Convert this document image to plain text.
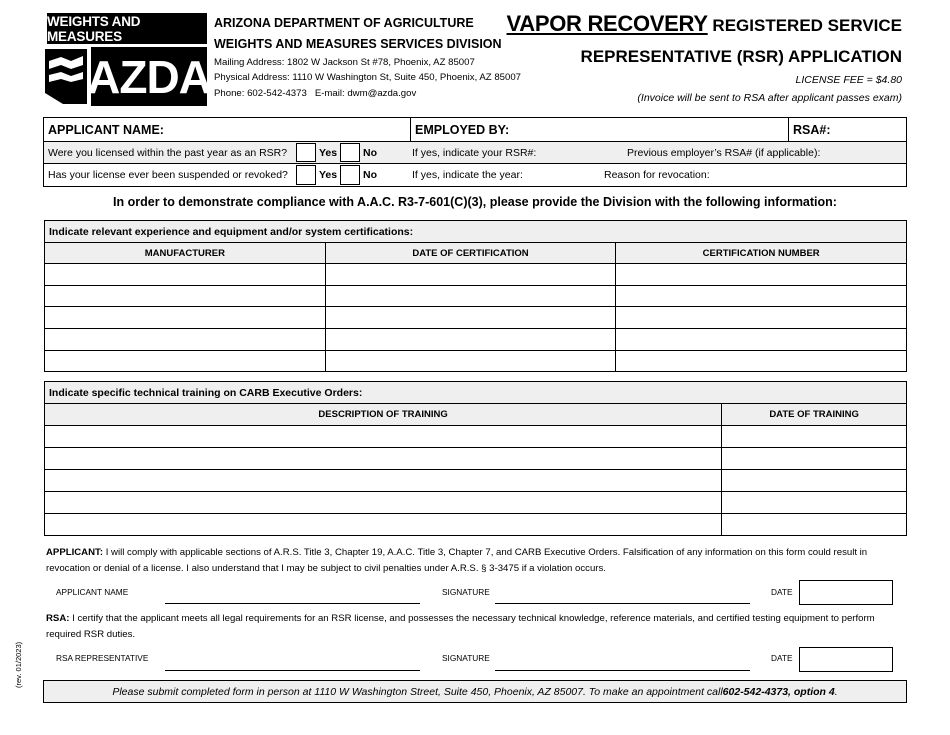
WEIGHTS AND MEASURES
AZDA
ARIZONA DEPARTMENT OF AGRICULTURE
WEIGHTS AND MEASURES SERVICES DIVISION
Mailing Address: 1802 W Jackson St #78, Phoenix, AZ 85007
Physical Address: 1110 W Washington St, Suite 450, Phoenix, AZ 85007
Phone: 602-542-4373 E-mail: dwm@azda.gov
VAPOR RECOVERY REGISTERED SERVICE
REPRESENTATIVE (RSR) APPLICATION
LICENSE FEE = $4.80
(Invoice will be sent to RSA after applicant passes exam)
APPLICANT NAME:	EMPLOYED BY:	RSA#:
Were you licensed within the past year as an RSR?	Yes No	If yes, indicate your RSR#:	Previous employer’s RSA# (if applicable):
Has your license ever been suspended or revoked?	Yes No	If yes, indicate the year:	Reason for revocation:
In order to demonstrate compliance with A.A.C. R3-7-601(C)(3), please provide the Division with the following information:
Indicate relevant experience and equipment and/or system certifications:		
MANUFACTURER	DATE OF CERTIFICATION	CERTIFICATION NUMBER

Indicate specific technical training on CARB Executive Orders:	
DESCRIPTION OF TRAINING	DATE OF TRAINING

APPLICANT: I will comply with applicable sections of A.R.S. Title 3, Chapter 19, A.A.C. Title 3, Chapter 7, and CARB Executive Orders. Falsification of any information on this form could result in revocation or denial of a license. I also understand that I may be subject to civil penalties under A.R.S. § 3-3475 if a violation occurs.
APPLICANT NAME	SIGNATURE	DATE
RSA: I certify that the applicant meets all legal requirements for an RSR license, and possesses the necessary technical knowledge, reference materials, and certified testing equipment to perform required RSR duties.
RSA REPRESENTATIVE	SIGNATURE	DATE
Please submit completed form in person at 1110 W Washington Street, Suite 450, Phoenix, AZ 85007. To make an appointment call 602-542-4373, option 4 .
(rev. 01/2023)
